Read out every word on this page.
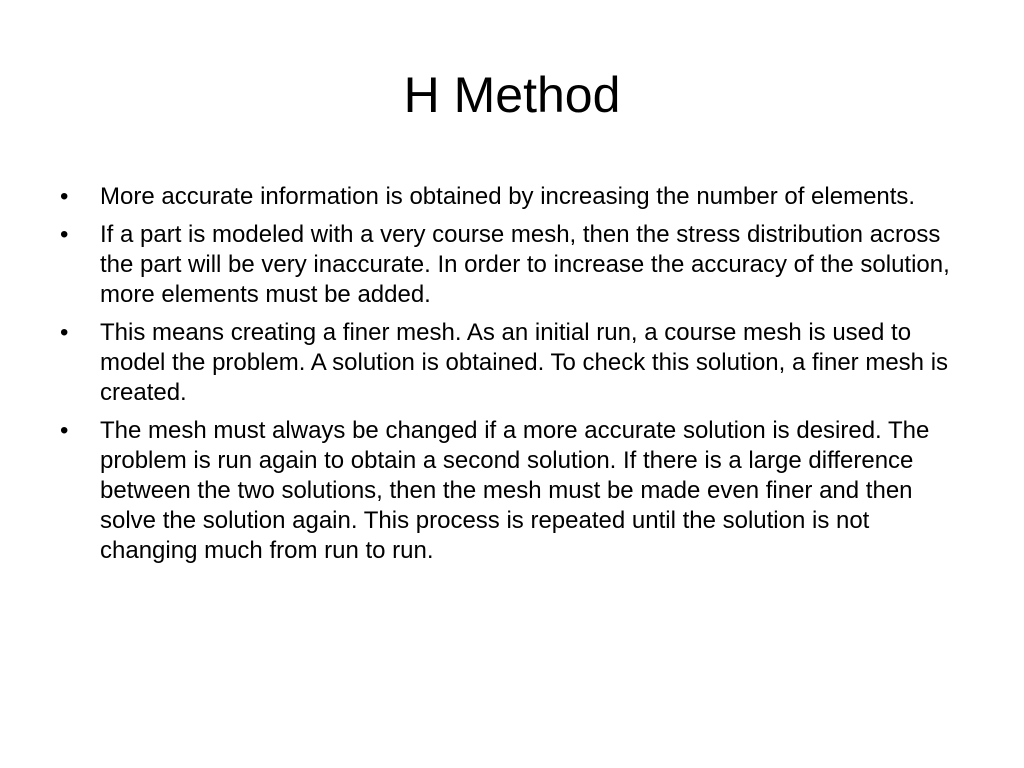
H Method
•	More accurate information is obtained by increasing the number of elements.
•	If a part is modeled with a very course mesh, then the stress distribution across the part will be very inaccurate. In order to increase the accuracy of the solution, more elements must be added.
•	This means creating a finer mesh. As an initial run, a course mesh is used to model the problem. A solution is obtained. To check this solution, a finer mesh is created.
•	The mesh must always be changed if a more accurate solution is desired. The problem is run again to obtain a second solution. If there is a large difference between the two solutions, then the mesh must be made even finer and then solve the solution again. This process is repeated until the solution is not changing much from run to run.
